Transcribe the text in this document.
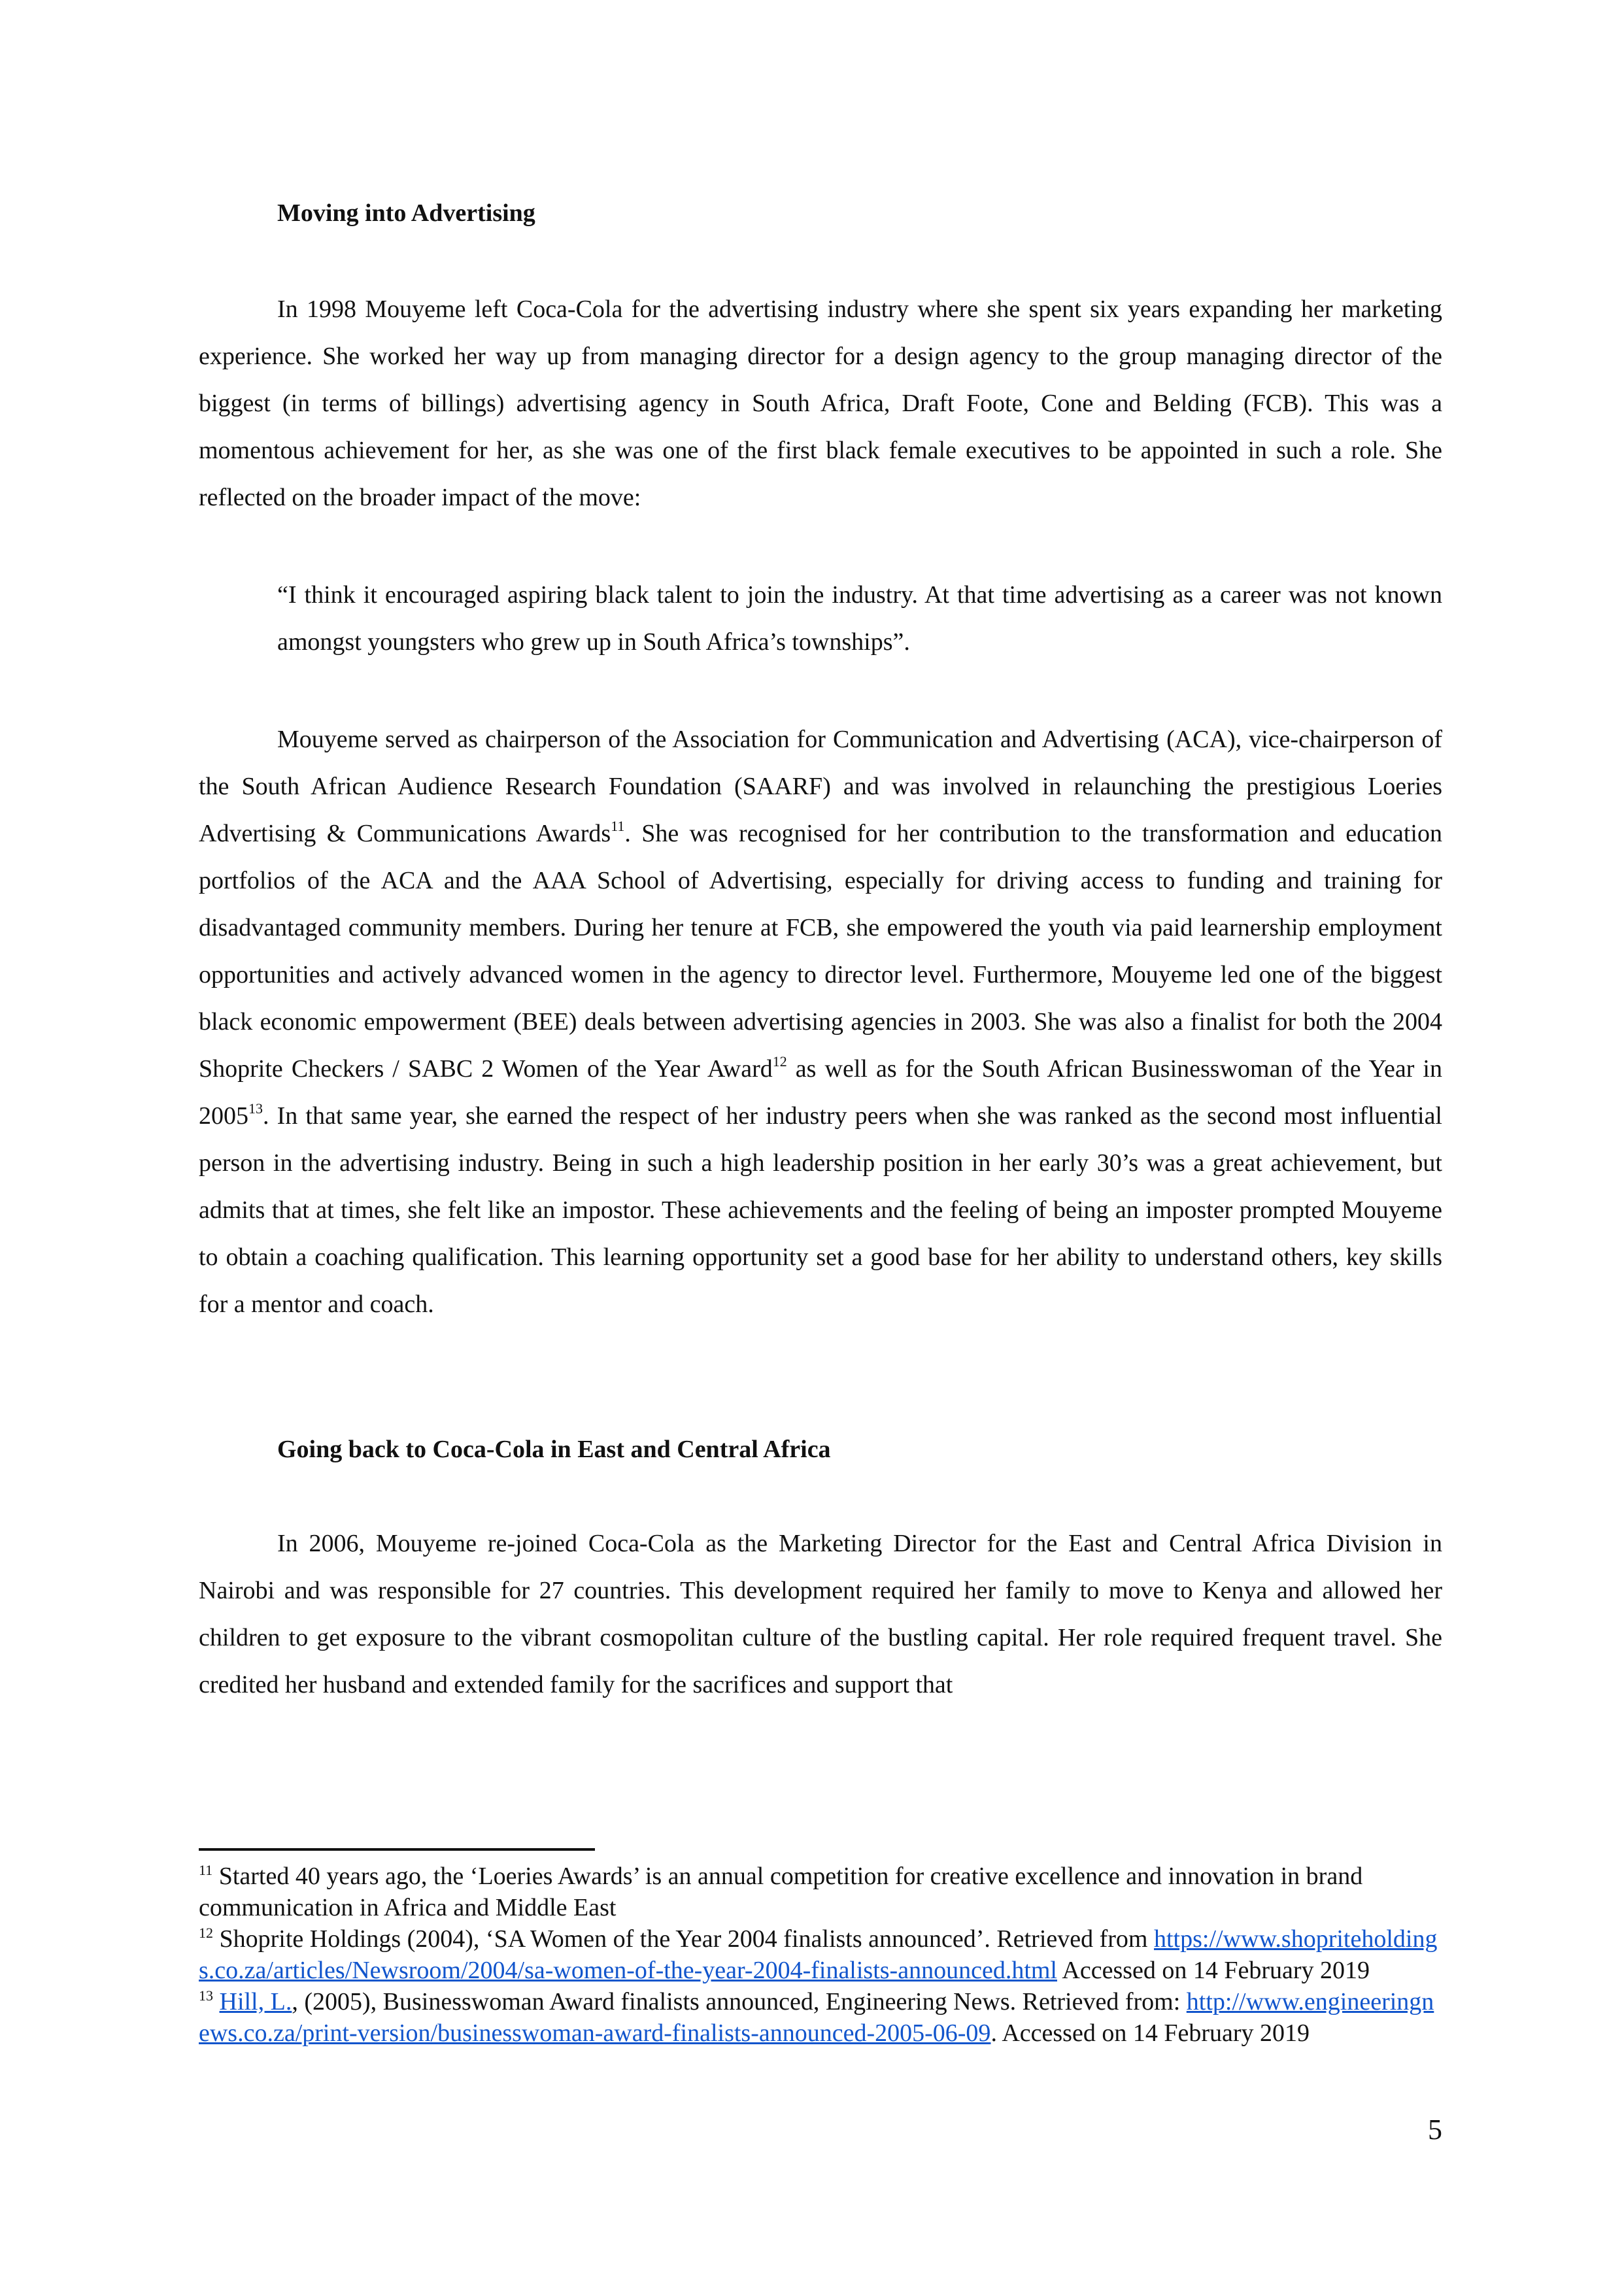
Moving into Advertising

In 1998 Mouyeme left Coca-Cola for the advertising industry where she spent six years expanding her marketing experience. She worked her way up from managing director for a design agency to the group managing director of the biggest (in terms of billings) advertising agency in South Africa, Draft Foote, Cone and Belding (FCB). This was a momentous achievement for her, as she was one of the first black female executives to be appointed in such a role. She reflected on the broader impact of the move:

“I think it encouraged aspiring black talent to join the industry. At that time advertising as a career was not known amongst youngsters who grew up in South Africa’s townships”.

Mouyeme served as chairperson of the Association for Communication and Advertising (ACA), vice-chairperson of the South African Audience Research Foundation (SAARF) and was involved in relaunching the prestigious Loeries Advertising & Communications Awards$^{11}$. She was recognised for her contribution to the transformation and education portfolios of the ACA and the AAA School of Advertising, especially for driving access to funding and training for disadvantaged community members. During her tenure at FCB, she empowered the youth via paid learnership employment opportunities and actively advanced women in the agency to director level. Furthermore, Mouyeme led one of the biggest black economic empowerment (BEE) deals between advertising agencies in 2003. She was also a finalist for both the 2004 Shoprite Checkers / SABC 2 Women of the Year Award$^{12}$ as well as for the South African Businesswoman of the Year in 2005$^{13}$. In that same year, she earned the respect of her industry peers when she was ranked as the second most influential person in the advertising industry. Being in such a high leadership position in her early 30’s was a great achievement, but admits that at times, she felt like an impostor. These achievements and the feeling of being an imposter prompted Mouyeme to obtain a coaching qualification. This learning opportunity set a good base for her ability to understand others, key skills for a mentor and coach.

Going back to Coca-Cola in East and Central Africa

In 2006, Mouyeme re-joined Coca-Cola as the Marketing Director for the East and Central Africa Division in Nairobi and was responsible for 27 countries. This development required her family to move to Kenya and allowed her children to get exposure to the vibrant cosmopolitan culture of the bustling capital. Her role required frequent travel. She credited her husband and extended family for the sacrifices and support that

$^{11}$ Started 40 years ago, the ‘Loeries Awards’ is an annual competition for creative excellence and innovation in brand communication in Africa and Middle East

$^{12}$ Shoprite Holdings (2004), ‘SA Women of the Year 2004 finalists announced’. Retrieved from https://www.shopriteholdings.co.za/articles/Newsroom/2004/sa-women-of-the-year-2004-finalists-announced.html Accessed on 14 February 2019

$^{13}$ Hill, L., (2005), Businesswoman Award finalists announced, Engineering News. Retrieved from: http://www.engineeringnews.co.za/print-version/businesswoman-award-finalists-announced-2005-06-09. Accessed on 14 February 2019

5
